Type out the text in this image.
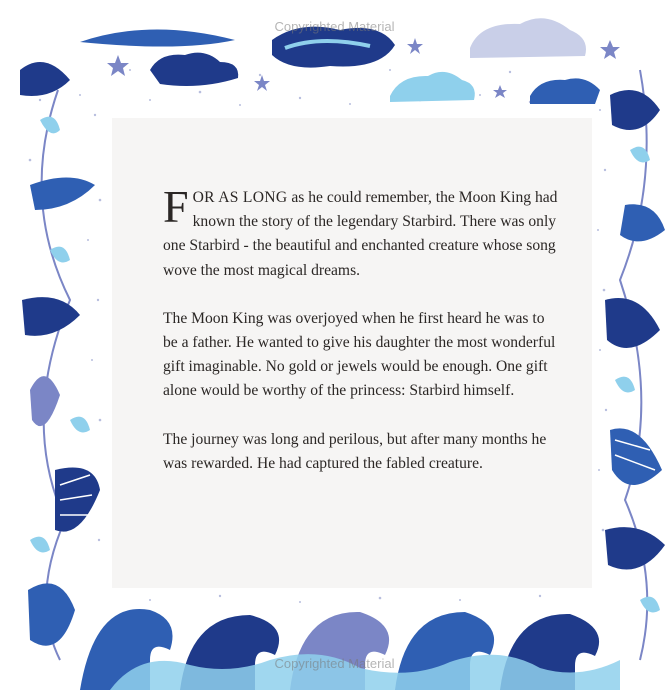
Copyrighted Material

FOR AS LONG as he could remember, the Moon King had known the story of the legendary Starbird. There was only one Starbird - the beautiful and enchanted creature whose song wove the most magical dreams.

The Moon King was overjoyed when he first heard he was to be a father. He wanted to give his daughter the most wonderful gift imaginable. No gold or jewels would be enough. One gift alone would be worthy of the princess: Starbird himself.

The journey was long and perilous, but after many months he was rewarded. He had captured the fabled creature.

Copyrighted Material
